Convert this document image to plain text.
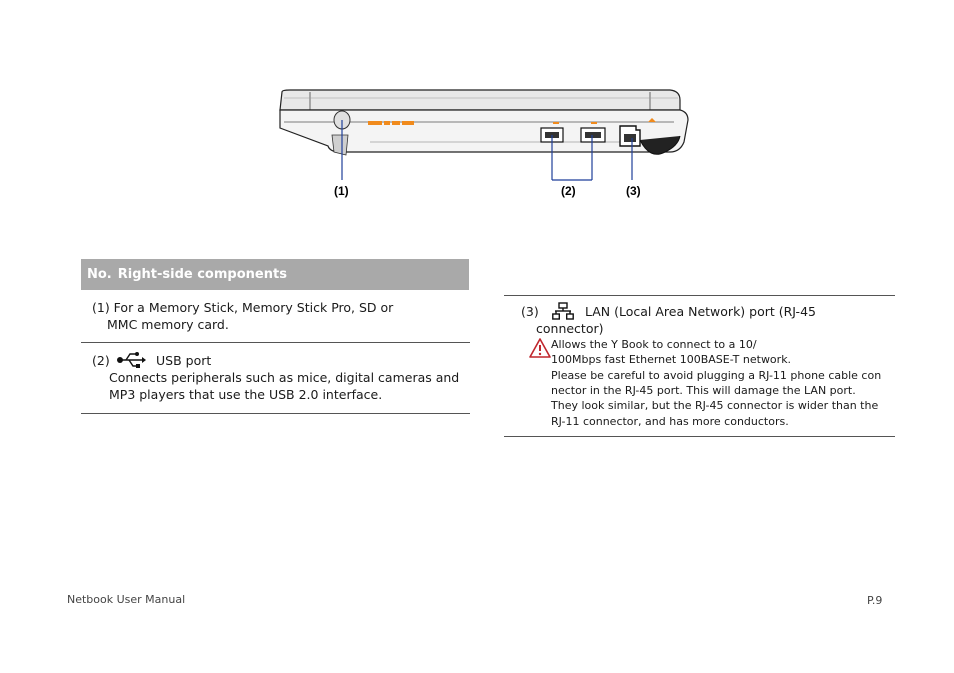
(1)	(2)	(3)
No. Right-side components
(1) For a Memory Stick, Memory Stick Pro, SD or
MMC memory card.
(2)	USB port
Connects peripherals such as mice, digital cameras and
MP3 players that use the USB 2.0 interface.
(3)	LAN (Local Area Network) port (RJ-45
connector)
Allows the Y Book to connect to a 10/
100Mbps fast Ethernet 100BASE-T network.
Please be careful to avoid plugging a RJ-11 phone cable con
nector in the RJ-45 port. This will damage the LAN port.
They look similar, but the RJ-45 connector is wider than the
RJ-11 connector, and has more conductors.
Netbook User Manual	P.9
